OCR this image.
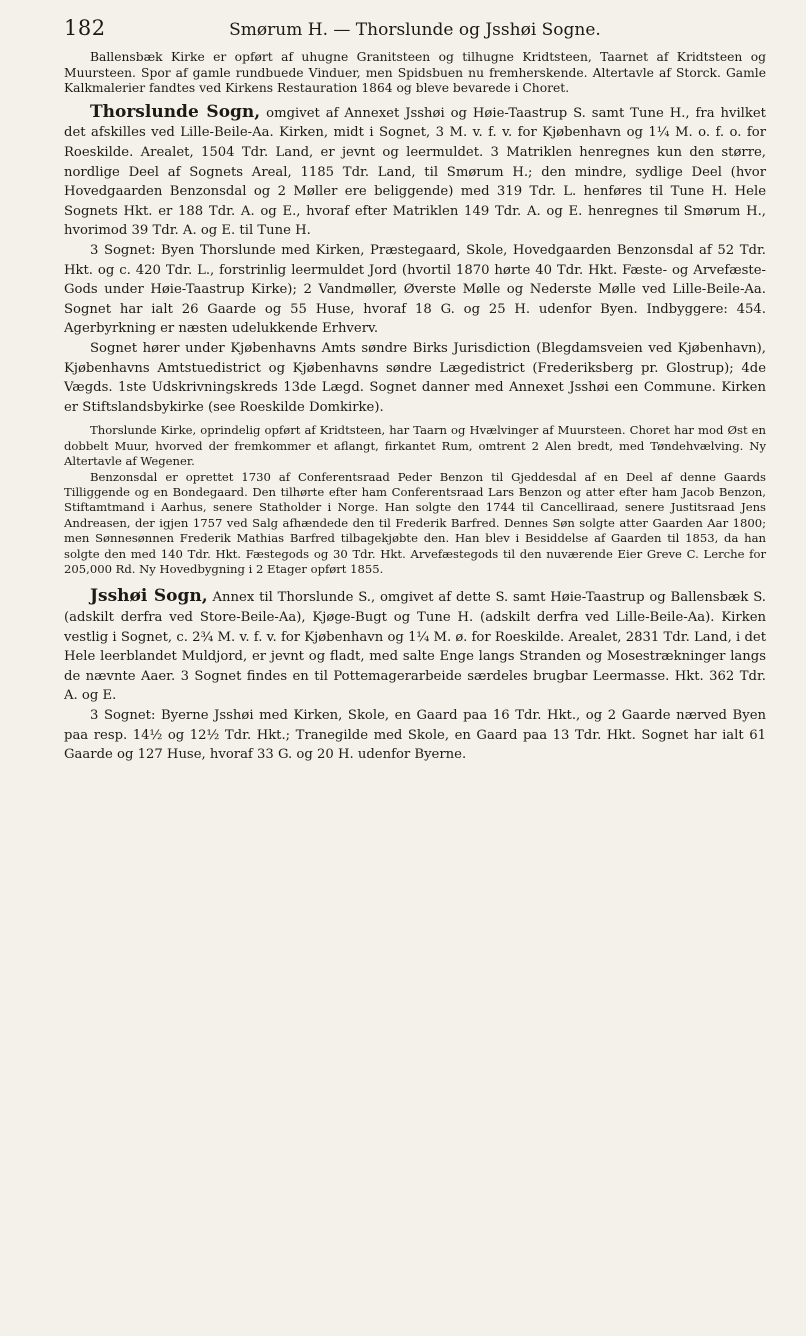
182	Smørum H. — Thorslunde og Jsshøi Sogne.

Ballensbæk Kirke er opført af uhugne Granitsteen og tilhugne Kridtsteen, Taarnet af Kridtsteen og Muursteen. Spor af gamle rundbuede Vinduer, men Spidsbuen nu fremherskende. Altertavle af Storck. Gamle Kalkmalerier fandtes ved Kirkens Restauration 1864 og bleve bevarede i Choret.

Thorslunde Sogn, omgivet af Annexet Jsshøi og Høie-Taastrup S. samt Tune H., fra hvilket det afskilles ved Lille-Beile-Aa. Kirken, midt i Sognet, 3 M. v. f. v. for Kjøbenhavn og 1¼ M. o. f. o. for Roeskilde. Arealet, 1504 Tdr. Land, er jevnt og leermuldet. 3 Matriklen henregnes kun den større, nordlige Deel af Sognets Areal, 1185 Tdr. Land, til Smørum H.; den mindre, sydlige Deel (hvor Hovedgaarden Benzonsdal og 2 Møller ere beliggende) med 319 Tdr. L. henføres til Tune H. Hele Sognets Hkt. er 188 Tdr. A. og E., hvoraf efter Matriklen 149 Tdr. A. og E. henregnes til Smørum H., hvorimod 39 Tdr. A. og E. til Tune H.

3 Sognet: Byen Thorslunde med Kirken, Præstegaard, Skole, Hovedgaarden Benzonsdal af 52 Tdr. Hkt. og c. 420 Tdr. L., forstrinlig leermuldet Jord (hvortil 1870 hørte 40 Tdr. Hkt. Fæste- og Arvefæste-Gods under Høie-Taastrup Kirke); 2 Vandmøller, Øverste Mølle og Nederste Mølle ved Lille-Beile-Aa. Sognet har ialt 26 Gaarde og 55 Huse, hvoraf 18 G. og 25 H. udenfor Byen. Indbyggere: 454. Agerbyrkning er næsten udelukkende Erhverv.

Sognet hører under Kjøbenhavns Amts søndre Birks Jurisdiction (Blegdamsveien ved Kjøbenhavn), Kjøbenhavns Amtstuedistrict og Kjøbenhavns søndre Lægedistrict (Frederiksberg pr. Glostrup); 4de Vægds. 1ste Udskrivningskreds 13de Lægd. Sognet danner med Annexet Jsshøi een Commune. Kirken er Stiftslandsbykirke (see Roeskilde Domkirke).

Thorslunde Kirke, oprindelig opført af Kridtsteen, har Taarn og Hvælvinger af Muursteen. Choret har mod Øst en dobbelt Muur, hvorved der fremkommer et aflangt, firkantet Rum, omtrent 2 Alen bredt, med Tøndehvælving. Ny Altertavle af Wegener.

Benzonsdal er oprettet 1730 af Conferentsraad Peder Benzon til Gjeddesdal af en Deel af denne Gaards Tilliggende og en Bondegaard. Den tilhørte efter ham Conferentsraad Lars Benzon og atter efter ham Jacob Benzon, Stiftamtmand i Aarhus, senere Statholder i Norge. Han solgte den 1744 til Cancelliraad, senere Justitsraad Jens Andreasen, der igjen 1757 ved Salg afhændede den til Frederik Barfred. Dennes Søn solgte atter Gaarden Aar 1800; men Sønnesønnen Frederik Mathias Barfred tilbagekjøbte den. Han blev i Besiddelse af Gaarden til 1853, da han solgte den med 140 Tdr. Hkt. Fæstegods og 30 Tdr. Hkt. Arvefæstegods til den nuværende Eier Greve C. Lerche for 205,000 Rd. Ny Hovedbygning i 2 Etager opført 1855.

Jsshøi Sogn, Annex til Thorslunde S., omgivet af dette S. samt Høie-Taastrup og Ballensbæk S. (adskilt derfra ved Store-Beile-Aa), Kjøge-Bugt og Tune H. (adskilt derfra ved Lille-Beile-Aa). Kirken vestlig i Sognet, c. 2¾ M. v. f. v. for Kjøbenhavn og 1¼ M. ø. for Roeskilde. Arealet, 2831 Tdr. Land, i det Hele leerblandet Muldjord, er jevnt og fladt, med salte Enge langs Stranden og Mosestrækninger langs de nævnte Aaer. 3 Sognet findes en til Pottemagerarbeide særdeles brugbar Leermasse. Hkt. 362 Tdr. A. og E.

3 Sognet: Byerne Jsshøi med Kirken, Skole, en Gaard paa 16 Tdr. Hkt., og 2 Gaarde nærved Byen paa resp. 14½ og 12½ Tdr. Hkt.; Tranegilde med Skole, en Gaard paa 13 Tdr. Hkt. Sognet har ialt 61 Gaarde og 127 Huse, hvoraf 33 G. og 20 H. udenfor Byerne.
